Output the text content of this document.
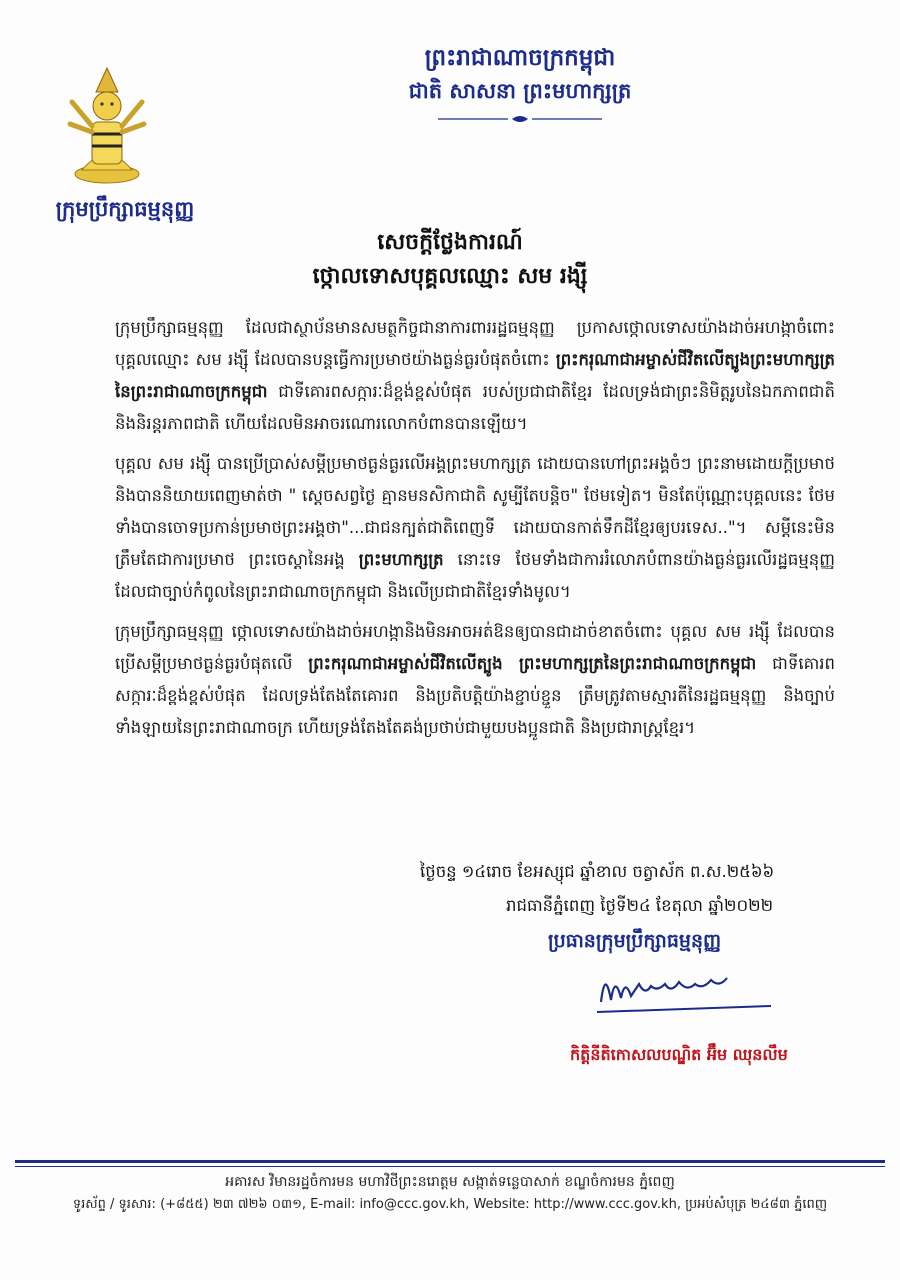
ក្រុមប្រឹក្សាធម្មនុញ្ញ
ព្រះរាជាណាចក្រកម្ពុជា
ជាតិ សាសនា ព្រះមហាក្សត្រ
សេចក្តីថ្លែងការណ៍
ថ្កោលទោសបុគ្គលឈ្មោះ សម រង្ស៊ី

ក្រុមប្រឹក្សាធម្មនុញ្ញ ដែលជាស្ថាប័នមានសមត្ថកិច្ចជានាការពាររដ្ឋធម្មនុញ្ញ ប្រកាសថ្កោលទោសយ៉ាងដាច់អហង្កាចំពោះបុគ្គលឈ្មោះ សម រង្ស៊ី ដែលបានបន្តធ្វើការប្រមាថយ៉ាងធ្ងន់ធ្ងរបំផុតចំពោះ ព្រះករុណាជាអម្ចាស់ជីវិតលើត្បូងព្រះមហាក្សត្រនៃព្រះរាជាណាចក្រកម្ពុជា ជាទីគោរពសក្ការៈដ៏ខ្ពង់ខ្ពស់បំផុត របស់ប្រជាជាតិខ្មែរ ដែលទ្រង់ជាព្រះនិមិត្តរូបនៃឯកភាពជាតិនិងនិរន្តរភាពជាតិ ហើយដែលមិនអាចរណោរលោកបំពានបានឡើយ។

បុគ្គល សម រង្ស៊ី បានប្រើប្រាស់សម្តីប្រមាថធ្ងន់ធ្ងរលើអង្គព្រះមហាក្សត្រ ដោយបានហៅព្រះអង្គចំៗ ព្រះនាមដោយក្តីប្រមាថ និងបាននិយាយពេញមាត់ថា " ស្តេចសព្វថ្ងៃ គ្មានមនសិកាជាតិ សូម្បីតែបន្តិច" ថែមទៀត។ មិនតែប៉ុណ្ណោះបុគ្គលនេះ ថែមទាំងបានចោទប្រកាន់ប្រមាថព្រះអង្គថា"...ជាជនក្បត់ជាតិពេញទី ដោយបានកាត់ទឹកដីខ្មែរឲ្យបរទេស.."។ សម្តីនេះមិនត្រឹមតែជាការប្រមាថ ព្រះចេស្តានៃអង្គ ព្រះមហាក្សត្រ នោះទេ ថែមទាំងជាការរំលោភបំពានយ៉ាងធ្ងន់ធ្ងរលើរដ្ឋធម្មនុញ្ញ ដែលជាច្បាប់កំពូលនៃព្រះរាជាណាចក្រកម្ពុជា និងលើប្រជាជាតិខ្មែរទាំងមូល។

ក្រុមប្រឹក្សាធម្មនុញ្ញ ថ្កោលទោសយ៉ាងដាច់អហង្កានិងមិនអាចអត់ឱនឲ្យបានជាដាច់ខាតចំពោះ បុគ្គល សម រង្ស៊ី ដែលបានប្រើសម្តីប្រមាថធ្ងន់ធ្ងរបំផុតលើ ព្រះករុណាជាអម្ចាស់ជីវិតលើត្បូង ព្រះមហាក្សត្រនៃព្រះរាជាណាចក្រកម្ពុជា ជាទីគោរពសក្ការៈដ៏ខ្ពង់ខ្ពស់បំផុត ដែលទ្រង់តែងតែគោរព និងប្រតិបត្តិយ៉ាងខ្ជាប់ខ្ជួន ត្រឹមត្រូវតាមស្មារតីនៃរដ្ឋធម្មនុញ្ញ និងច្បាប់ទាំងឡាយនៃព្រះរាជាណាចក្រ ហើយទ្រង់តែងតែគង់ប្រថាប់ជាមួយបងប្អូនជាតិ និងប្រជារាស្ត្រខ្មែរ។

ថ្ងៃចន្ទ ១៤រោច ខែអស្សុជ ឆ្នាំខាល ចត្វាស័ក ព.ស.២៥៦៦
រាជធានីភ្នំពេញ ថ្ងៃទី២៤ ខែតុលា ឆ្នាំ២០២២
ប្រធានក្រុមប្រឹក្សាធម្មនុញ្ញ
កិត្តិនីតិកោសលបណ្ឌិត អ៊ឹម ឈុនលឹម
អគារស វិមានរដ្ឋចំការមន មហាវិថីព្រះនរោត្តម សង្កាត់ទន្លេបាសាក់ ខណ្ឌចំការមន ភ្នំពេញ
ទូរស័ព្ទ / ទូរសារ: (+៨៥៥) ២៣ ៧២៦ ០៣១, E-mail: info@ccc.gov.kh, Website: http://www.ccc.gov.kh, ប្រអប់សំបុត្រ ២៤៨៣ ភ្នំពេញ
